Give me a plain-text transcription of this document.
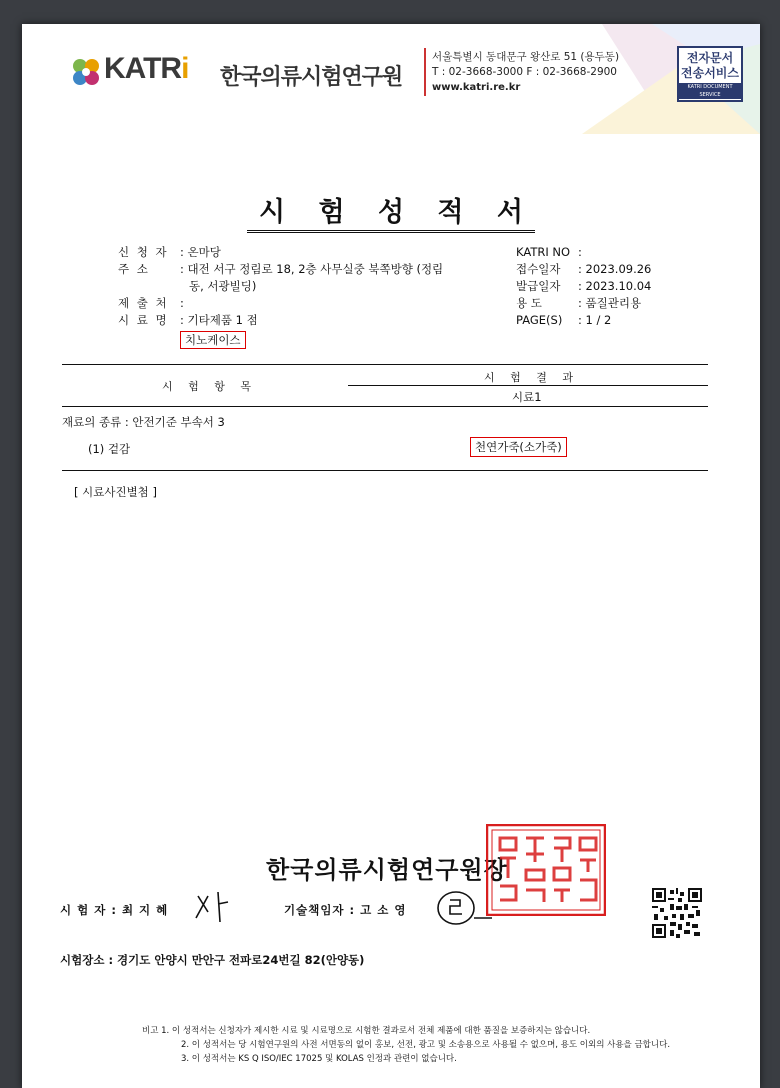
KATRi 한국의류시험연구원
서울특별시 동대문구 왕산로 51 (용두동)
T : 02-3668-3000 F : 02-3668-2900
www.katri.re.kr
전자문서
전송서비스
KATRI DOCUMENT SERVICE
시 험 성 적 서
신 청 자 : 온마당
주 소	: 대전 서구 정림로 18, 2층 사무실중 북쪽방향 (정림
동, 서광빌딩)
제 출 처 :
시 료 명 : 기타제품 1 점
치노케이스
KATRI NO :
접수일자 : 2023.09.26
발급일자 : 2023.10.04
용 도	: 품질관리용
PAGE(S) : 1 / 2
시 험 항 목
시 험 결 과
시료1
재료의 종류 : 안전기준 부속서 3
(1) 겉감	천연가죽(소가죽)
[ 시료사진별첨 ]
한국의류시험연구원장
시 험 자 : 최 지 혜	기술책임자 : 고 소 영
시험장소 : 경기도 안양시 만안구 전파로24번길 82(안양동)
비고 1. 이 성적서는 신청자가 제시한 시료 및 시료명으로 시험한 결과로서 전체 제품에 대한 품질을 보증하지는 않습니다.
2. 이 성적서는 당 시험연구원의 사전 서면동의 없이 홍보, 선전, 광고 및 소송용으로 사용될 수 없으며, 용도 이외의 사용을 금합니다.
3. 이 성적서는 KS Q ISO/IEC 17025 및 KOLAS 인정과 관련이 없습니다.
